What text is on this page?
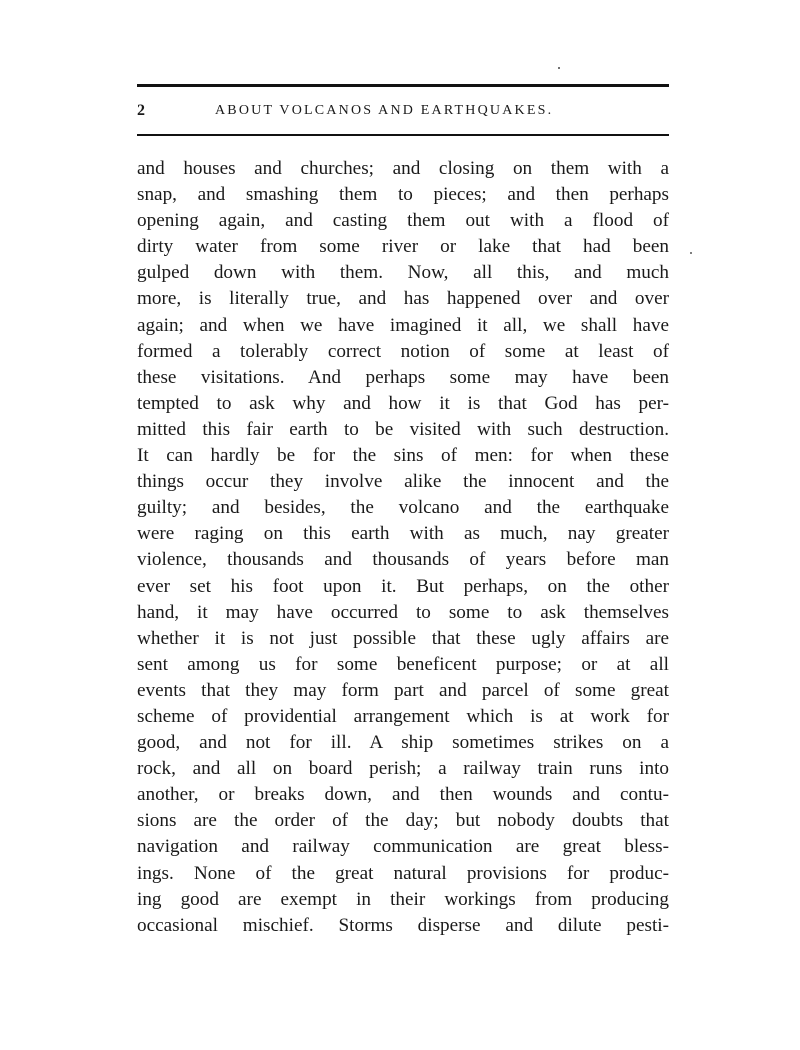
2	ABOUT VOLCANOS AND EARTHQUAKES.
and houses and churches; and closing on them with a
snap, and smashing them to pieces; and then perhaps
opening again, and casting them out with a flood of
dirty water from some river or lake that had been
gulped down with them. Now, all this, and much
more, is literally true, and has happened over and over
again; and when we have imagined it all, we shall have
formed a tolerably correct notion of some at least of
these visitations. And perhaps some may have been
tempted to ask why and how it is that God has per-
mitted this fair earth to be visited with such destruction.
It can hardly be for the sins of men: for when these
things occur they involve alike the innocent and the
guilty; and besides, the volcano and the earthquake
were raging on this earth with as much, nay greater
violence, thousands and thousands of years before man
ever set his foot upon it. But perhaps, on the other
hand, it may have occurred to some to ask themselves
whether it is not just possible that these ugly affairs are
sent among us for some beneficent purpose; or at all
events that they may form part and parcel of some great
scheme of providential arrangement which is at work for
good, and not for ill. A ship sometimes strikes on a
rock, and all on board perish; a railway train runs into
another, or breaks down, and then wounds and contu-
sions are the order of the day; but nobody doubts that
navigation and railway communication are great bless-
ings. None of the great natural provisions for produc-
ing good are exempt in their workings from producing
occasional mischief. Storms disperse and dilute pesti-
